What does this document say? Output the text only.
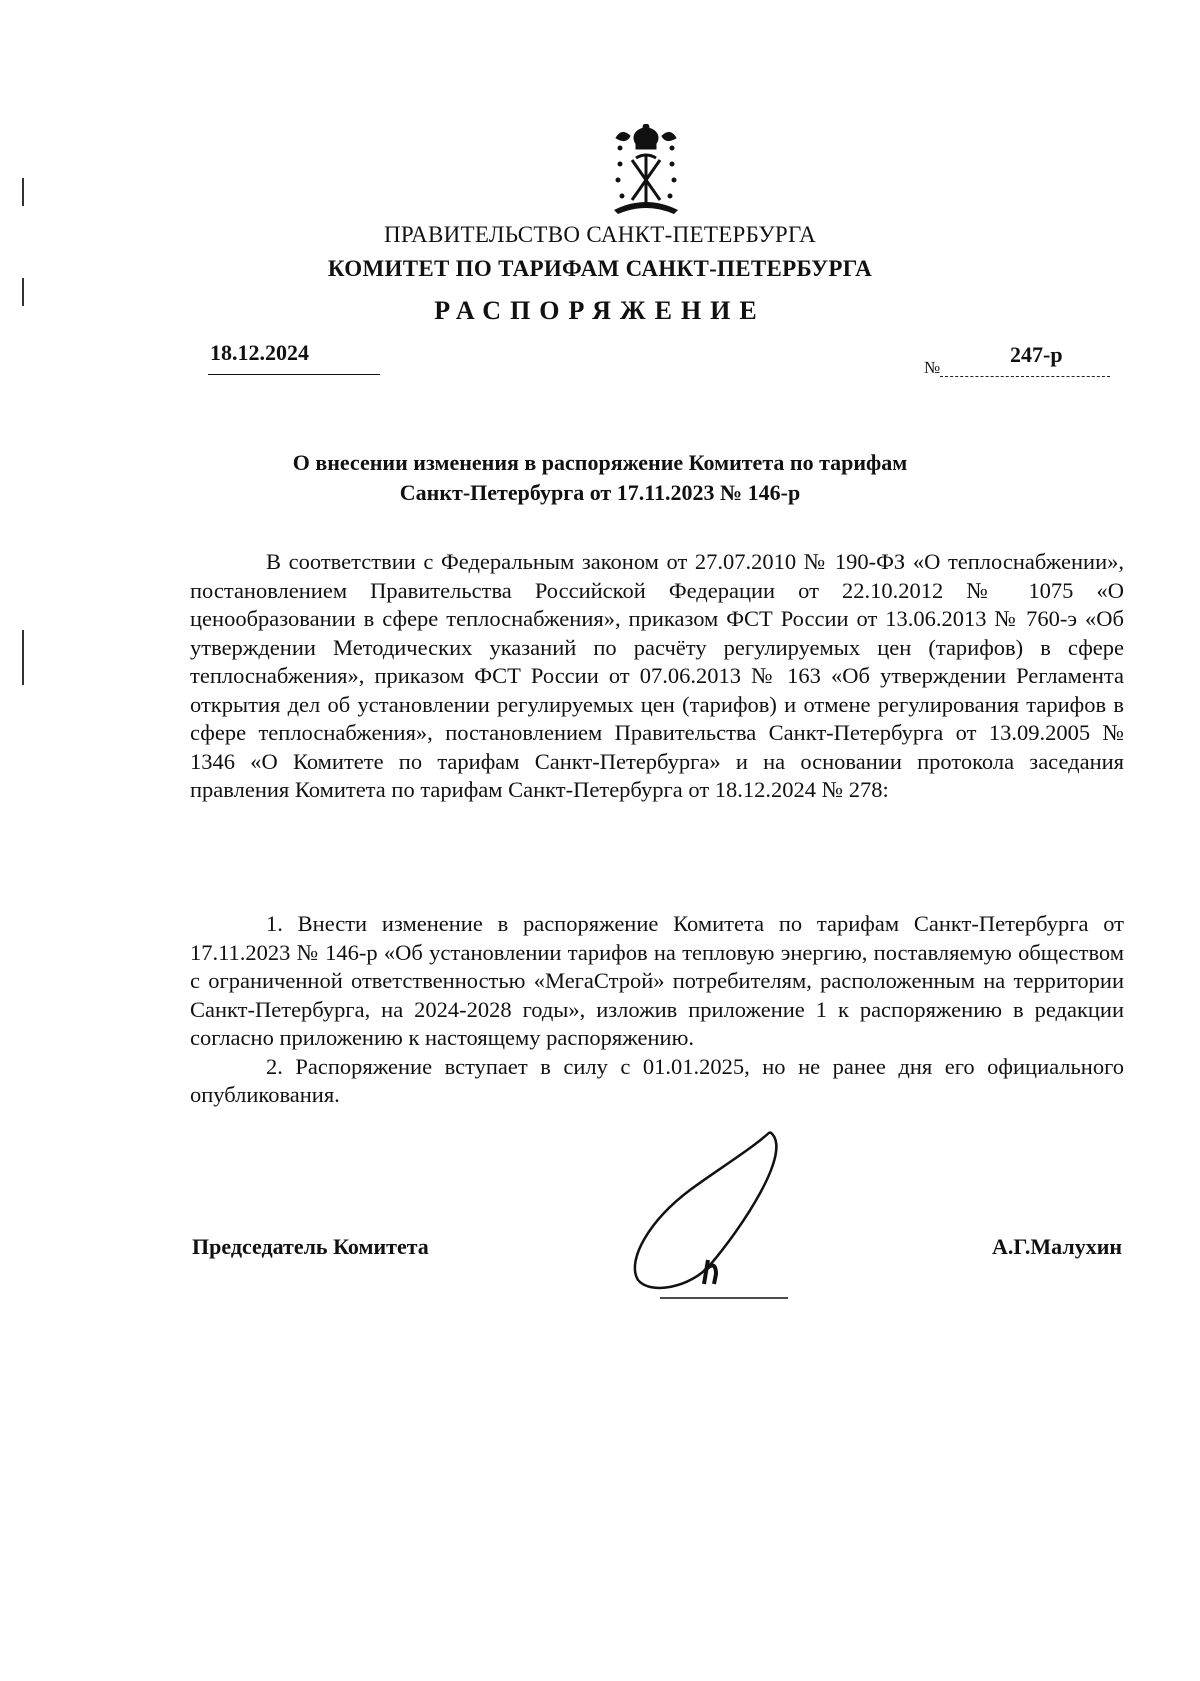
ПРАВИТЕЛЬСТВО САНКТ-ПЕТЕРБУРГА
КОМИТЕТ ПО ТАРИФАМ САНКТ-ПЕТЕРБУРГА
РАСПОРЯЖЕНИЕ
18.12.2024
№
247-р
О внесении изменения в распоряжение Комитета по тарифам
Санкт-Петербурга от 17.11.2023 № 146-р

В соответствии с Федеральным законом от 27.07.2010 № 190-ФЗ «О теплоснабжении», постановлением Правительства Российской Федерации от 22.10.2012 № 1075 «О ценообразовании в сфере теплоснабжения», приказом ФСТ России от 13.06.2013 № 760-э «Об утверждении Методических указаний по расчёту регулируемых цен (тарифов) в сфере теплоснабжения», приказом ФСТ России от 07.06.2013 № 163 «Об утверждении Регламента открытия дел об установлении регулируемых цен (тарифов) и отмене регулирования тарифов в сфере теплоснабжения», постановлением Правительства Санкт-Петербурга от 13.09.2005 № 1346 «О Комитете по тарифам Санкт-Петербурга» и на основании протокола заседания правления Комитета по тарифам Санкт-Петербурга от 18.12.2024 № 278:

1. Внести изменение в распоряжение Комитета по тарифам Санкт-Петербурга от 17.11.2023 № 146-р «Об установлении тарифов на тепловую энергию, поставляемую обществом с ограниченной ответственностью «МегаСтрой» потребителям, расположенным на территории Санкт-Петербурга, на 2024-2028 годы», изложив приложение 1 к распоряжению в редакции согласно приложению к настоящему распоряжению.

2. Распоряжение вступает в силу с 01.01.2025, но не ранее дня его официального опубликования.

Председатель Комитета	А.Г.Малухин
